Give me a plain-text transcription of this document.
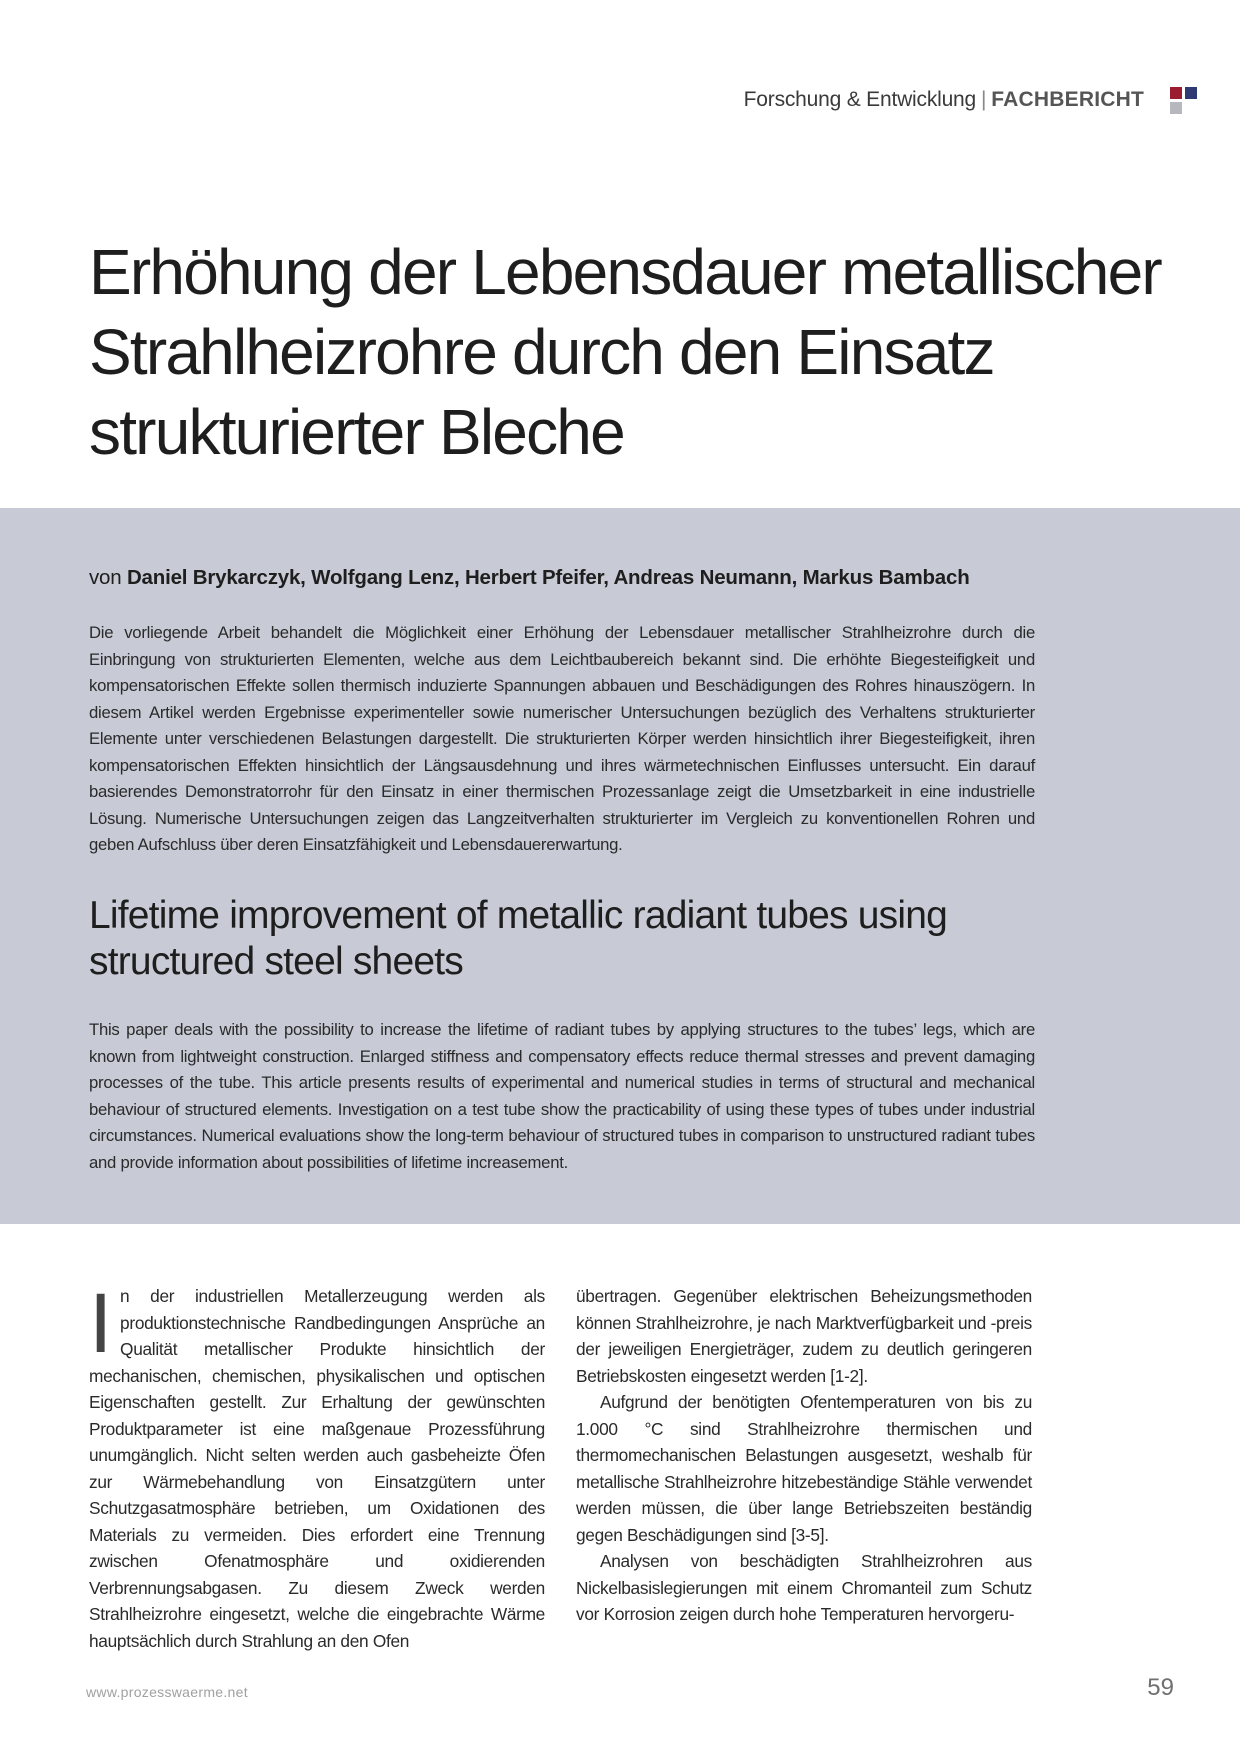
Forschung & Entwicklung | FACHBERICHT
Erhöhung der Lebensdauer metallischer Strahlheizrohre durch den Einsatz strukturierter Bleche
von Daniel Brykarczyk, Wolfgang Lenz, Herbert Pfeifer, Andreas Neumann, Markus Bambach

Die vorliegende Arbeit behandelt die Möglichkeit einer Erhöhung der Lebensdauer metallischer Strahlheizrohre durch die Einbringung von strukturierten Elementen, welche aus dem Leichtbaubereich bekannt sind. Die erhöhte Biegesteifigkeit und kompensatorischen Effekte sollen thermisch induzierte Spannungen abbauen und Beschädigungen des Rohres hinauszögern. In diesem Artikel werden Ergebnisse experimenteller sowie numerischer Untersuchungen bezüglich des Verhaltens strukturierter Elemente unter verschiedenen Belastungen dargestellt. Die strukturierten Körper werden hinsichtlich ihrer Biegesteifigkeit, ihren kompensatorischen Effekten hinsichtlich der Längsausdehnung und ihres wärmetechnischen Einflusses untersucht. Ein darauf basierendes Demonstratorrohr für den Einsatz in einer thermischen Prozessanlage zeigt die Umsetzbarkeit in eine industrielle Lösung. Numerische Untersuchungen zeigen das Langzeitverhalten strukturierter im Vergleich zu konventionellen Rohren und geben Aufschluss über deren Einsatzfähigkeit und Lebensdauererwartung.

Lifetime improvement of metallic radiant tubes using structured steel sheets

This paper deals with the possibility to increase the lifetime of radiant tubes by applying structures to the tubes’ legs, which are known from lightweight construction. Enlarged stiffness and compensatory effects reduce thermal stresses and prevent damaging processes of the tube. This article presents results of experimental and numerical studies in terms of structural and mechanical behaviour of structured elements. Investigation on a test tube show the practicability of using these types of tubes under industrial circumstances. Numerical evaluations show the long-term behaviour of structured tubes in comparison to unstructured radiant tubes and provide information about possibilities of lifetime increasement.

In der industriellen Metallerzeugung werden als produktionstechnische Randbedingungen Ansprüche an Qualität metallischer Produkte hinsichtlich der mechanischen, chemischen, physikalischen und optischen Eigenschaften gestellt. Zur Erhaltung der gewünschten Produktparameter ist eine maßgenaue Prozessführung unumgänglich. Nicht selten werden auch gasbeheizte Öfen zur Wärmebehandlung von Einsatzgütern unter Schutzgasatmosphäre betrieben, um Oxidationen des Materials zu vermeiden. Dies erfordert eine Trennung zwischen Ofenatmosphäre und oxidierenden Verbrennungsabgasen. Zu diesem Zweck werden Strahlheizrohre eingesetzt, welche die eingebrachte Wärme hauptsächlich durch Strahlung an den Ofen

übertragen. Gegenüber elektrischen Beheizungsmethoden können Strahlheizrohre, je nach Marktverfügbarkeit und -preis der jeweiligen Energieträger, zudem zu deutlich geringeren Betriebskosten eingesetzt werden [1-2].

Aufgrund der benötigten Ofentemperaturen von bis zu 1.000 °C sind Strahlheizrohre thermischen und thermomechanischen Belastungen ausgesetzt, weshalb für metallische Strahlheizrohre hitzebeständige Stähle verwendet werden müssen, die über lange Betriebszeiten beständig gegen Beschädigungen sind [3-5].

Analysen von beschädigten Strahlheizrohren aus Nickelbasislegierungen mit einem Chromanteil zum Schutz vor Korrosion zeigen durch hohe Temperaturen hervorgeru-

www.prozesswaerme.net	59
